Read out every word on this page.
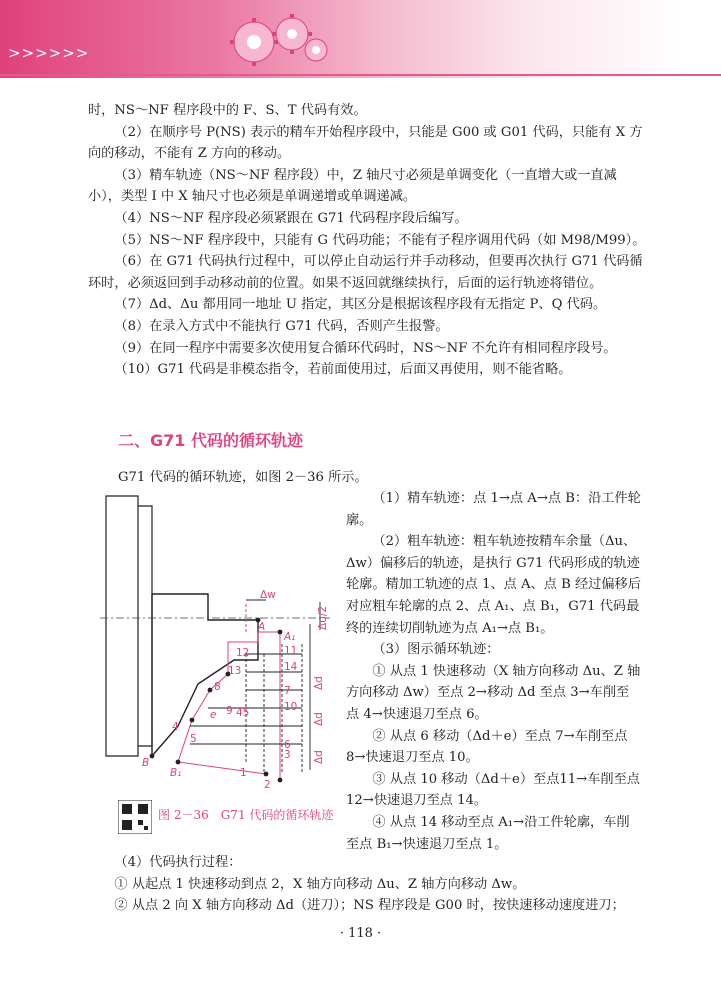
>>>>>>

时，NS～NF 程序段中的 F、S、T 代码有效。

（2）在顺序号 P(NS) 表示的精车开始程序段中，只能是 G00 或 G01 代码，只能有 X 方向的移动，不能有 Z 方向的移动。

（3）精车轨迹（NS～NF 程序段）中，Z 轴尺寸必须是单调变化（一直增大或一直减小），类型 I 中 X 轴尺寸也必须是单调递增或单调递减。

（4）NS～NF 程序段必须紧跟在 G71 代码程序段后编写。

（5）NS～NF 程序段中，只能有 G 代码功能；不能有子程序调用代码（如 M98/M99）。

（6）在 G71 代码执行过程中，可以停止自动运行并手动移动，但要再次执行 G71 代码循环时，必须返回到手动移动前的位置。如果不返回就继续执行，后面的运行轨迹将错位。

（7）Δd、Δu 都用同一地址 U 指定，其区分是根据该程序段有无指定 P、Q 代码。

（8）在录入方式中不能执行 G71 代码，否则产生报警。

（9）在同一程序中需要多次使用复合循环代码时，NS～NF 不允许有相同程序段号。

（10）G71 代码是非模态指令，若前面使用过，后面又再使用，则不能省略。

二、G71 代码的循环轨迹
G71 代码的循环轨迹，如图 2－36 所示。
Δw
Δu/2
A
A₁
B
B₁	1
2
3
4
5	6
7
8
9	10
11
12
13	14
45
e
Δd
Δd
Δd
图 2－36　G71 代码的循环轨迹

（1）精车轨迹：点 1→点 A→点 B：沿工件轮廓。

（2）粗车轨迹：粗车轨迹按精车余量（Δu、Δw）偏移后的轨迹，是执行 G71 代码形成的轨迹轮廓。精加工轨迹的点 1、点 A、点 B 经过偏移后对应粗车轮廓的点 2、点 A₁、点 B₁，G71 代码最终的连续切削轨迹为点 A₁→点 B₁。

（3）图示循环轨迹：

① 从点 1 快速移动（X 轴方向移动 Δu、Z 轴方向移动 Δw）至点 2→移动 Δd 至点 3→车削至点 4→快速退刀至点 6。

② 从点 6 移动（Δd＋e）至点 7→车削至点 8→快速退刀至点 10。

③ 从点 10 移动（Δd＋e）至点11→车削至点 12→快速退刀至点 14。

④ 从点 14 移动至点 A₁→沿工件轮廓，车削至点 B₁→快速退刀至点 1。

（4）代码执行过程：

① 从起点 1 快速移动到点 2，X 轴方向移动 Δu、Z 轴方向移动 Δw。

② 从点 2 向 X 轴方向移动 Δd（进刀）；NS 程序段是 G00 时，按快速移动速度进刀；

· 118 ·
